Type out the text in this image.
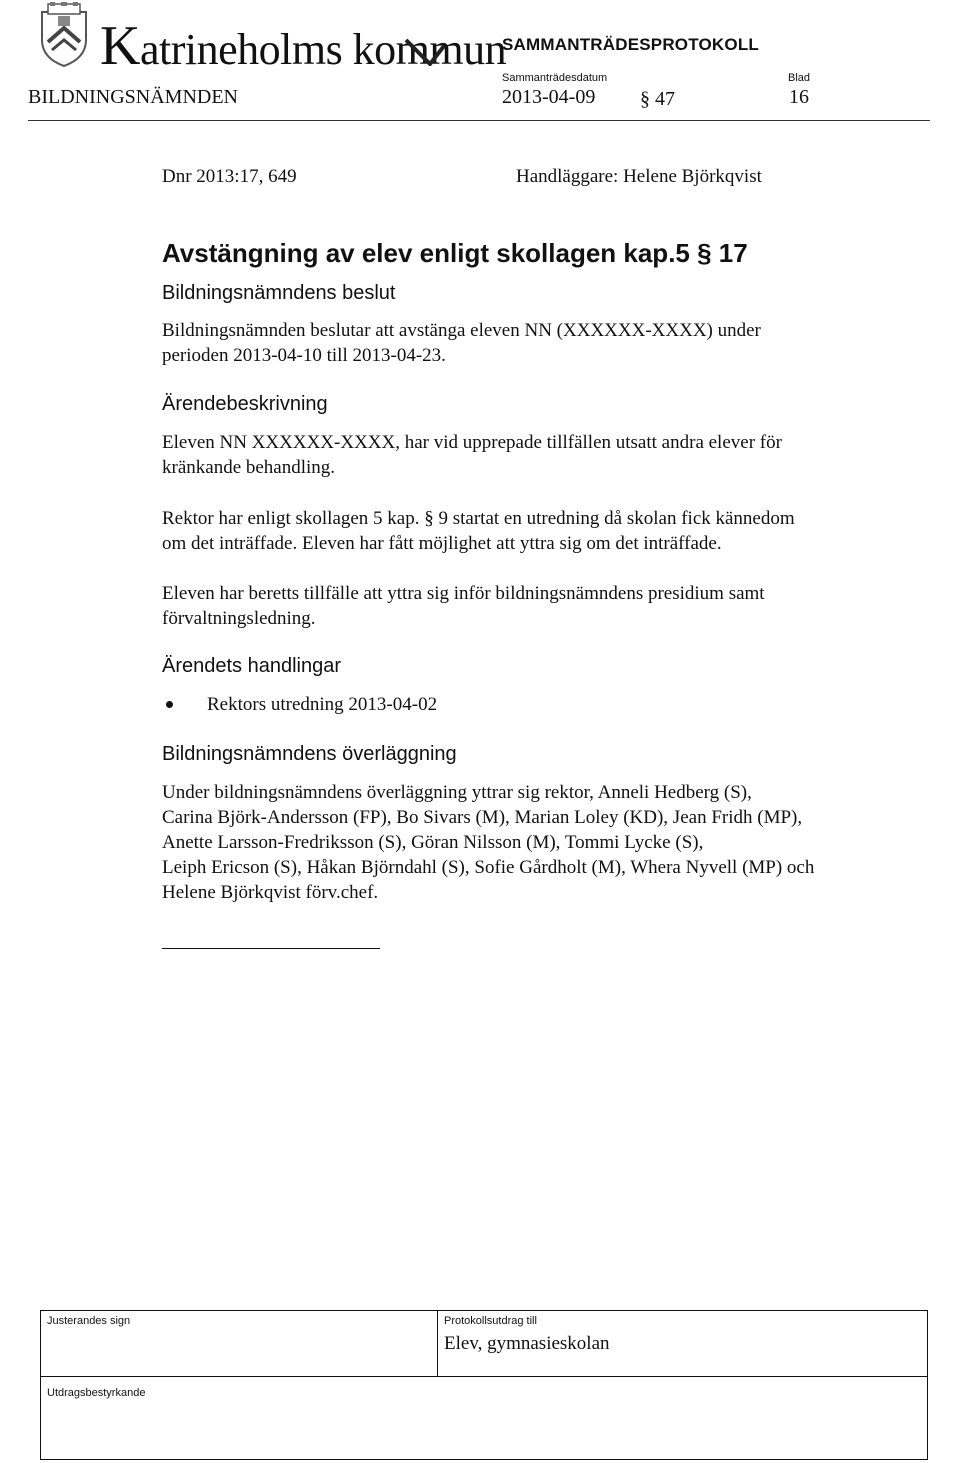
Katrineholms kommun
SAMMANTRÄDESPROTOKOLL
Sammanträdesdatum	Blad
BILDNINGSNÄMNDEN	2013-04-09 § 47	16
Dnr 2013:17, 649	Handläggare: Helene Björkqvist
Avstängning av elev enligt skollagen kap.5 § 17
Bildningsnämndens beslut
Bildningsnämnden beslutar att avstänga eleven NN (XXXXXX-XXXX) under
perioden 2013-04-10 till 2013-04-23.
Ärendebeskrivning
Eleven NN XXXXXX-XXXX, har vid upprepade tillfällen utsatt andra elever för
kränkande behandling.
Rektor har enligt skollagen 5 kap. § 9 startat en utredning då skolan fick kännedom
om det inträffade. Eleven har fått möjlighet att yttra sig om det inträffade.
Eleven har beretts tillfälle att yttra sig inför bildningsnämndens presidium samt
förvaltningsledning.
Ärendets handlingar
Rektors utredning 2013-04-02
Bildningsnämndens överläggning
Under bildningsnämndens överläggning yttrar sig rektor, Anneli Hedberg (S),
Carina Björk-Andersson (FP), Bo Sivars (M), Marian Loley (KD), Jean Fridh (MP),
Anette Larsson-Fredriksson (S), Göran Nilsson (M), Tommi Lycke (S),
Leiph Ericson (S), Håkan Björndahl (S), Sofie Gårdholt (M), Whera Nyvell (MP) och
Helene Björkqvist förv.chef.
Justerandes sign	Protokollsutdrag till
Elev, gymnasieskolan
Utdragsbestyrkande
